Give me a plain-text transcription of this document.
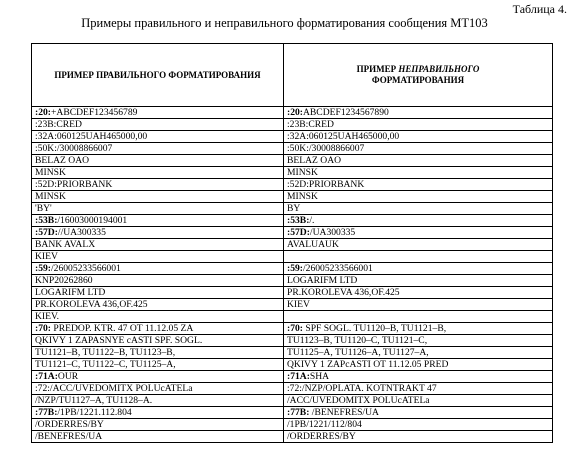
Таблица 4.
Примеры правильного и неправильного форматирования сообщения МТ103
ПРИМЕР ПРАВИЛЬНОГО ФОРМАТИРОВАНИЯ	ПРИМЕР НЕПРАВИЛЬНОГО
ФОРМАТИРОВАНИЯ
:20:+ABCDEF123456789	:20:ABCDEF1234567890
:23B:CRED	:23B:CRED
:32A:060125UAH465000,00	:32A:060125UAH465000,00
:50K:/30008866007	:50K:/30008866007
BELAZ OAO	BELAZ OAO
MINSK	MINSK
:52D:PRIORBANK	:52D:PRIORBANK
MINSK	MINSK
'BY'	BY
:53B:/16003000194001	:53B:/.
:57D://UA300335	:57D:/UA300335
BANK AVALX	AVALUAUK
KIEV	
:59:/26005233566001	:59:/26005233566001
KNP20262860	LOGARIFM LTD
LOGARIFM LTD	PR.KOROLEVA 436,OF.425
PR.KOROLEVA 436,OF.425	KIEV
KIEV.	
:70: PREDOP. KTR. 47 OT 11.12.05 ZA	:70: SPF SOGL. TU1120–B, TU1121–B,
QKIVY 1 ZAPASNYE cASTI SPF. SOGL.	TU1123–B, TU1120–C, TU1121–C,
TU1121–B, TU1122–B, TU1123–B,	TU1125–A, TU1126–A, TU1127–A,
TU1121–C, TU1122–C, TU1125–A,	QKIVY 1 ZAPcASTI OT 11.12.05 PRED
:71A:OUR	:71A:SHA
:72:/ACC/UVEDOMITX POLUcATELa	:72:/NZP/OPLATA. KOTNTRAKT 47
/NZP/TU1127–A, TU1128–A.	/ACC/UVEDOMITX POLUcATELa
:77B:/1PB/1221.112.804	:77B: /BENEFRES/UA
/ORDERRES/BY	/1PB/1221/112/804
/BENEFRES/UA	/ORDERRES/BY
